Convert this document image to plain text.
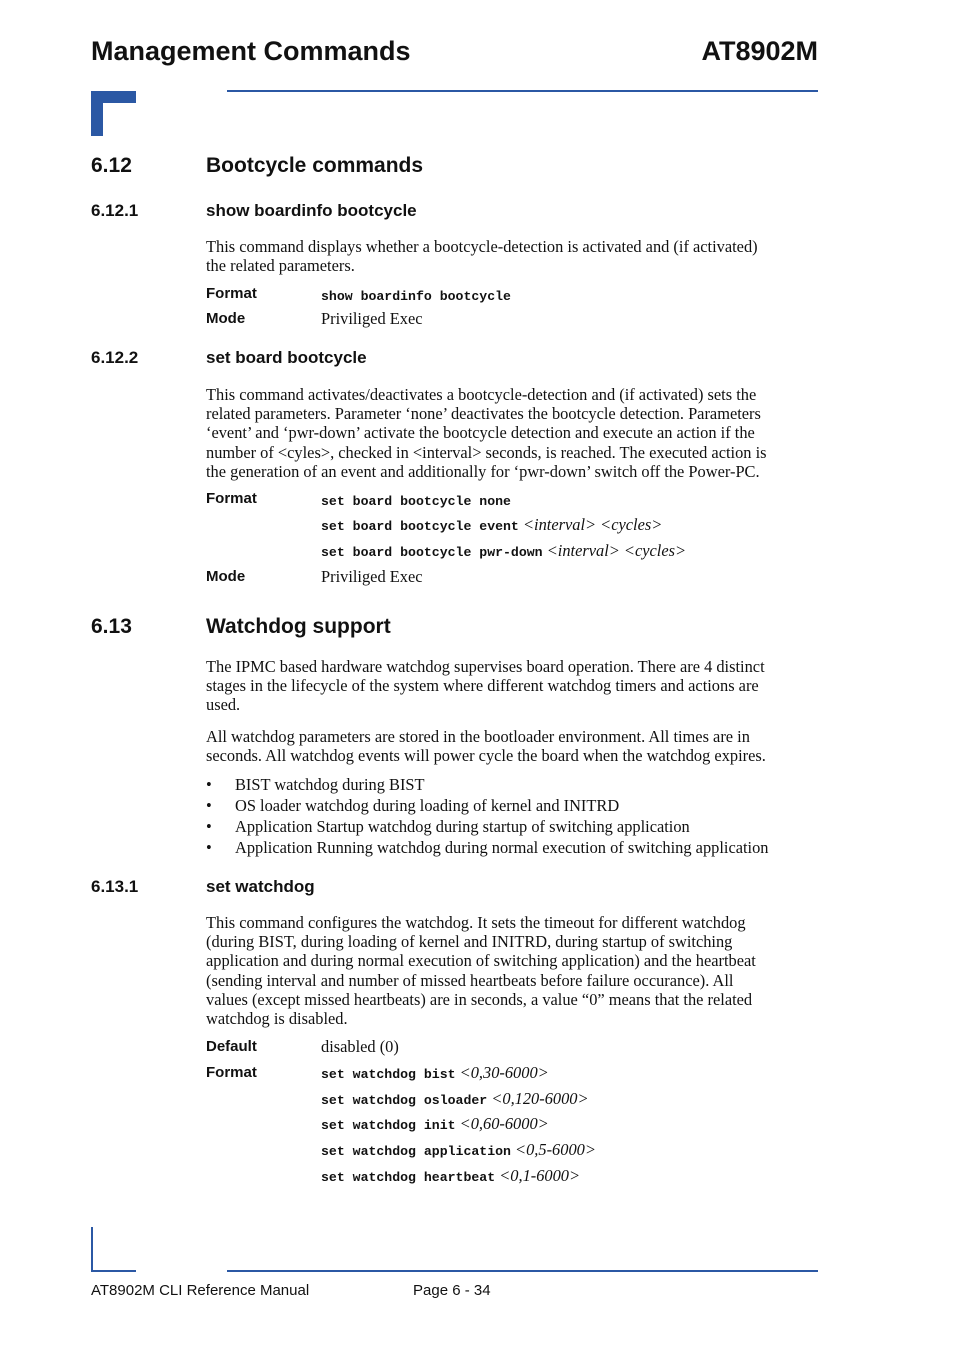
Management Commands	AT8902M
6.12	Bootcycle commands
6.12.1	show boardinfo bootcycle
This command displays whether a bootcycle-detection is activated and (if activated)
the related parameters.
Format	show boardinfo bootcycle
Mode	Priviliged Exec
6.12.2	set board bootcycle
This command activates/deactivates a bootcycle-detection and (if activated) sets the
related parameters. Parameter ‘none’ deactivates the bootcycle detection. Parameters
‘event’ and ‘pwr-down’ activate the bootcycle detection and execute an action if the
number of <cyles>, checked in <interval> seconds, is reached. The executed action is
the generation of an event and additionally for ‘pwr-down’ switch off the Power-PC.
Format	set board bootcycle none
set board bootcycle event <interval> <cycles>
set board bootcycle pwr-down <interval> <cycles>
Mode	Priviliged Exec
6.13	Watchdog support
The IPMC based hardware watchdog supervises board operation. There are 4 distinct
stages in the lifecycle of the system where different watchdog timers and actions are
used.
All watchdog parameters are stored in the bootloader environment. All times are in
seconds. All watchdog events will power cycle the board when the watchdog expires.
• BIST watchdog during BIST
• OS loader watchdog during loading of kernel and INITRD
• Application Startup watchdog during startup of switching application
• Application Running watchdog during normal execution of switching application
6.13.1	set watchdog
This command configures the watchdog. It sets the timeout for different watchdog
(during BIST, during loading of kernel and INITRD, during startup of switching
application and during normal execution of switching application) and the heartbeat
(sending interval and number of missed heartbeats before failure occurance). All
values (except missed heartbeats) are in seconds, a value “0” means that the related
watchdog is disabled.
Default	disabled (0)
Format	set watchdog bist <0,30-6000>
set watchdog osloader <0,120-6000>
set watchdog init <0,60-6000>
set watchdog application <0,5-6000>
set watchdog heartbeat <0,1-6000>
AT8902M CLI Reference Manual	Page 6 - 34
